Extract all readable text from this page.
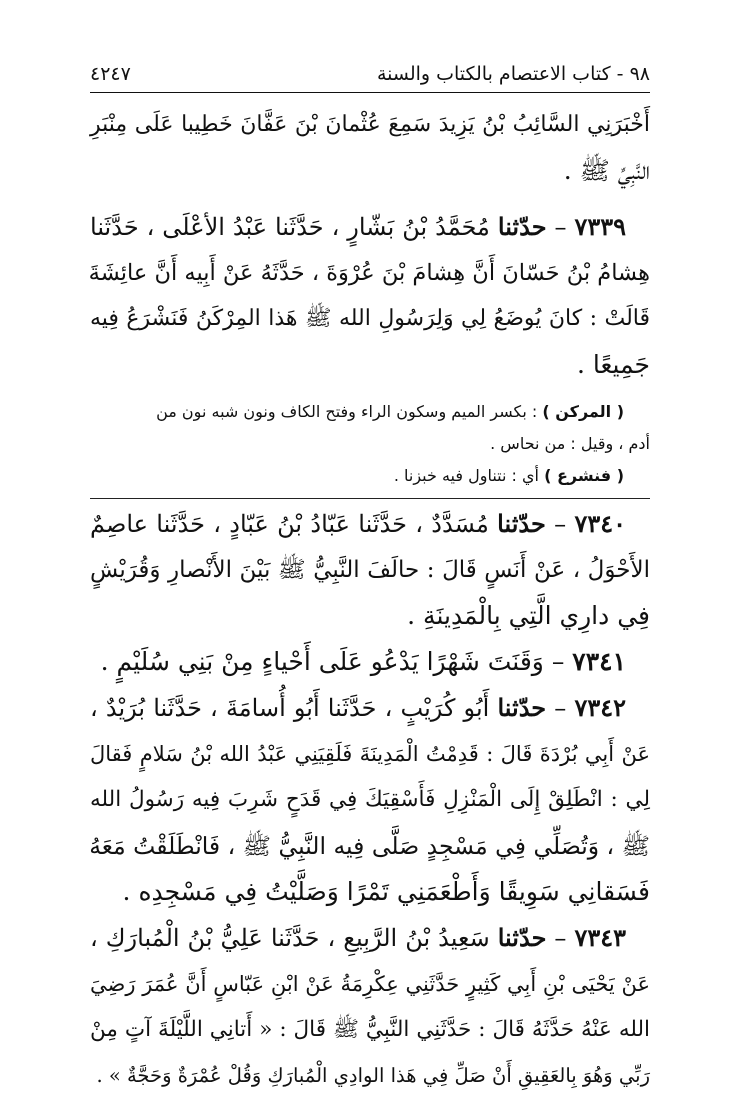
٩٨ - كتاب الاعتصام بالكتاب والسنة
٤٢٤٧
أَخْبَرَنِي السَّائِبُ بْنُ يَزِيدَ سَمِعَ عُثْمانَ بْنَ عَفَّانَ خَطِيبا عَلَى مِنْبَرِ
النَّبِيِّ ﷺ .
٧٣٣٩ – حدّثنا مُحَمَّدُ بْنُ بَشّارٍ ، حَدَّثَنا عَبْدُ الأعْلَى ، حَدَّثَنا
هِشامُ بْنُ حَسّانَ أَنَّ هِشامَ بْنَ عُرْوَةَ ، حَدَّثَهُ عَنْ أَبِيه أَنَّ عائِشَةَ
قَالَتْ : كانَ يُوضَعُ لِي وَلِرَسُولِ الله ﷺ هَذا المِرْكَنُ فَنَشْرَعُ فِيه
جَمِيعًا .
( المركن ) : بكسر الميم وسكون الراء وفتح الكاف ونون شبه نون من
أدم ، وقيل : من نحاس .
( فنشرع ) أي : نتناول فيه خبزنا .
٧٣٤٠ – حدّثنا مُسَدَّدٌ ، حَدَّثَنا عَبّادُ بْنُ عَبّادٍ ، حَدَّثَنا عاصِمٌ
الأَحْوَلُ ، عَنْ أَنَسٍ قَالَ : حالَفَ النَّبِيُّ ﷺ بَيْنَ الأَنْصارِ وَقُرَيْشٍ
فِي دارِي الَّتِي بِالْمَدِينَةِ .
٧٣٤١ – وَقَنَتَ شَهْرًا يَدْعُو عَلَى أَحْياءٍ مِنْ بَنِي سُلَيْمٍ .
٧٣٤٢ – حدّثنا أَبُو كُرَيْبٍ ، حَدَّثَنا أَبُو أُسامَةَ ، حَدَّثَنا بُرَيْدٌ ،
عَنْ أَبِي بُرْدَةَ قَالَ : قَدِمْتُ الْمَدِينَةَ فَلَقِيَنِي عَبْدُ الله بْنُ سَلامٍ فَقالَ
لِي : انْطَلِقْ إِلَى الْمَنْزِلِ فَأَسْقِيَكَ فِي قَدَحٍ شَرِبَ فِيه رَسُولُ الله
ﷺ ، وَتُصَلِّي فِي مَسْجِدٍ صَلَّى فِيه النَّبِيُّ ﷺ ، فَانْطَلَقْتُ مَعَهُ
فَسَقانِي سَوِيقًا وَأَطْعَمَنِي تَمْرًا وَصَلَّيْتُ فِي مَسْجِدِه .
٧٣٤٣ – حدّثنا سَعِيدُ بْنُ الرَّبِيعِ ، حَدَّثَنا عَلِيُّ بْنُ الْمُبارَكِ ،
عَنْ يَحْيَى بْنِ أَبِي كَثِيرٍ حَدَّثَنِي عِكْرِمَةُ عَنْ ابْنِ عَبّاسٍ أَنَّ عُمَرَ رَضِيَ
الله عَنْهُ حَدَّثَهُ قَالَ : حَدَّثَنِي النَّبِيُّ ﷺ قَالَ : « أَتانِي اللَّيْلَةَ آتٍ مِنْ
رَبِّي وَهُوَ بِالعَقِيقِ أَنْ صَلِّ فِي هَذا الوادِي الْمُبارَكِ وَقُلْ عُمْرَةٌ وَحَجَّةٌ » .
